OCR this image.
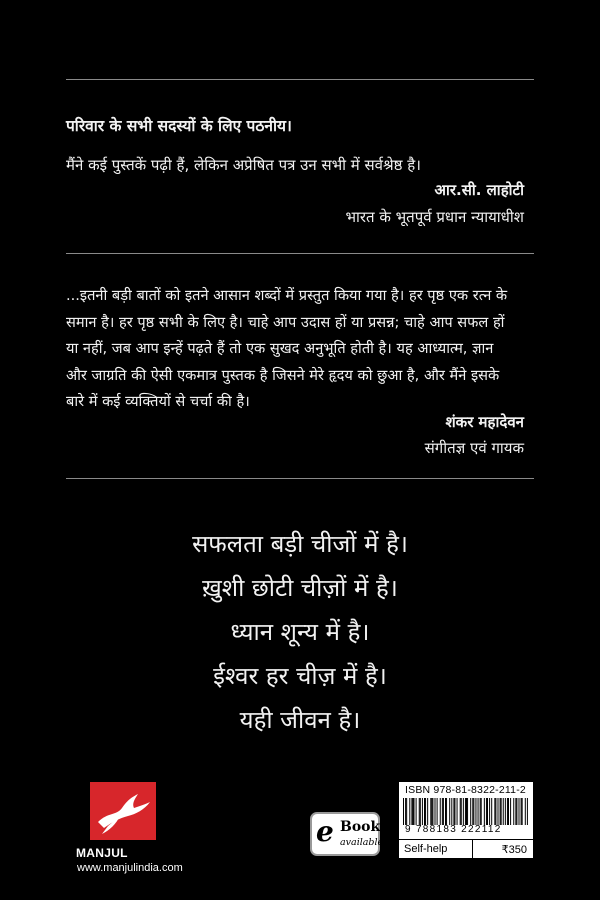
परिवार के सभी सदस्यों के लिए पठनीय।
मैंने कई पुस्तकें पढ़ी हैं, लेकिन अप्रेषित पत्र उन सभी में सर्वश्रेष्ठ है।
आर.सी. लाहोटी
भारत के भूतपूर्व प्रधान न्यायाधीश
...इतनी बड़ी बातों को इतने आसान शब्दों में प्रस्तुत किया गया है। हर पृष्ठ एक रत्न के
समान है। हर पृष्ठ सभी के लिए है। चाहे आप उदास हों या प्रसन्न; चाहे आप सफल हों
या नहीं, जब आप इन्हें पढ़ते हैं तो एक सुखद अनुभूति होती है। यह आध्यात्म, ज्ञान
और जाग्रति की ऐसी एकमात्र पुस्तक है जिसने मेरे हृदय को छुआ है, और मैंने इसके
बारे में कई व्यक्तियों से चर्चा की है।
शंकर महादेवन
संगीतज्ञ एवं गायक
सफलता बड़ी चीजों में है।
ख़ुशी छोटी चीज़ों में है।
ध्यान शून्य में है।
ईश्वर हर चीज़ में है।
यही जीवन है।
MANJUL
www.manjulindia.com
e Book
available
ISBN 978-81-8322-211-2
9 788183 222112
Self-help	₹350
